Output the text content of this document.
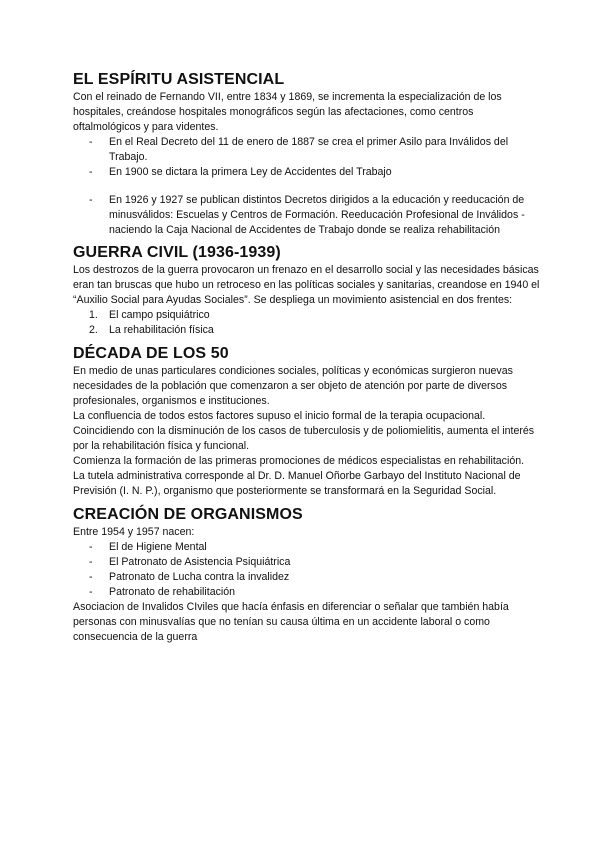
EL ESPÍRITU ASISTENCIAL

Con el reinado de Fernando VII, entre 1834 y 1869, se incrementa la especialización de los hospitales, creándose hospitales monográficos según las afectaciones, como centros oftalmológicos y para videntes.

- En el Real Decreto del 11 de enero de 1887 se crea el primer Asilo para Inválidos del Trabajo.
- En 1900 se dictara la primera Ley de Accidentes del Trabajo
- En 1926 y 1927 se publican distintos Decretos dirigidos a la educación y reeducación de minusválidos: Escuelas y Centros de Formación. Reeducación Profesional de Inválidos - naciendo la Caja Nacional de Accidentes de Trabajo donde se realiza rehabilitación
GUERRA CIVIL (1936-1939)

Los destrozos de la guerra provocaron un frenazo en el desarrollo social y las necesidades básicas eran tan bruscas que hubo un retroceso en las políticas sociales y sanitarias, creandose en 1940 el “Auxilio Social para Ayudas Sociales”. Se despliega un movimiento asistencial en dos frentes:

1. El campo psiquiátrico
2. La rehabilitación física
DÉCADA DE LOS 50

En medio de unas particulares condiciones sociales, políticas y económicas surgieron nuevas necesidades de la población que comenzaron a ser objeto de atención por parte de diversos profesionales, organismos e instituciones.

La confluencia de todos estos factores supuso el inicio formal de la terapia ocupacional.

Coincidiendo con la disminución de los casos de tuberculosis y de poliomielitis, aumenta el interés por la rehabilitación física y funcional.

Comienza la formación de las primeras promociones de médicos especialistas en rehabilitación.

La tutela administrativa corresponde al Dr. D. Manuel Oñorbe Garbayo del Instituto Nacional de Previsión (I. N. P.), organismo que posteriormente se transformará en la Seguridad Social.

CREACIÓN DE ORGANISMOS

Entre 1954 y 1957 nacen:

- El de Higiene Mental
- El Patronato de Asistencia Psiquiátrica
- Patronato de Lucha contra la invalidez
- Patronato de rehabilitación

Asociacion de Invalidos CIviles que hacía énfasis en diferenciar o señalar que también había personas con minusvalías que no tenían su causa última en un accidente laboral o como consecuencia de la guerra
